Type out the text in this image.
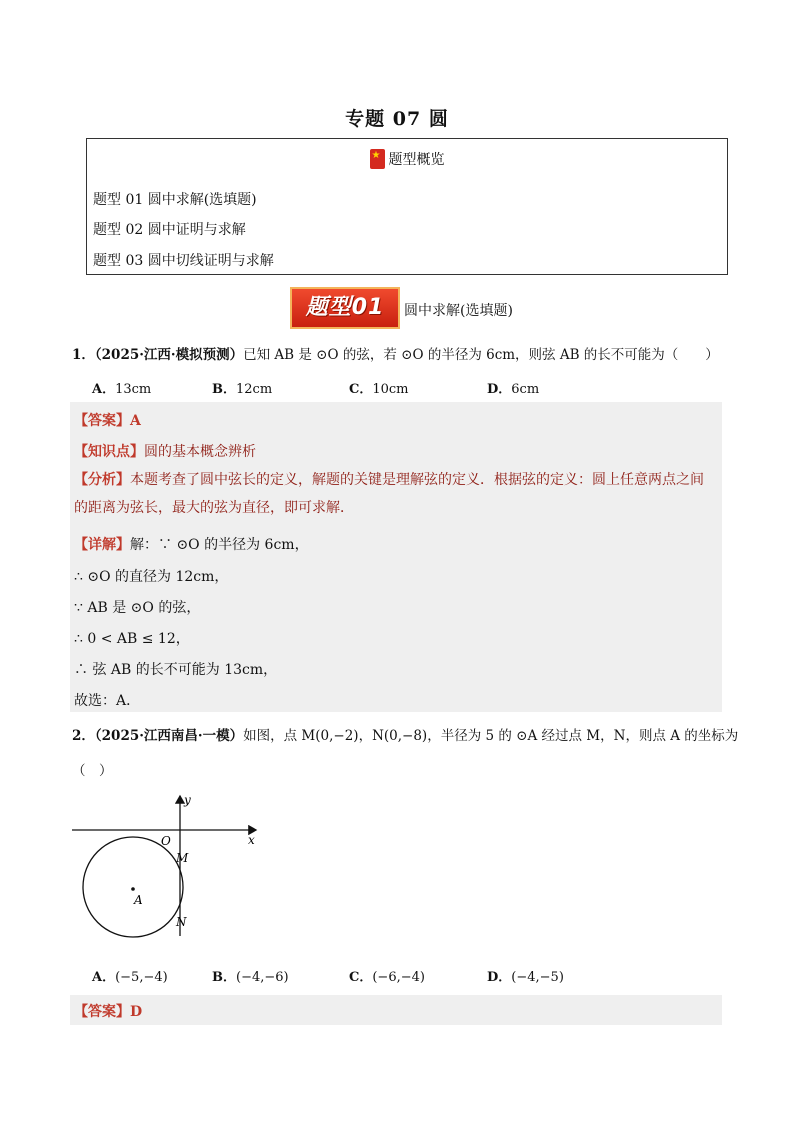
专题 07 圆
★题型概览
题型 01 圆中求解(选填题)
题型 02 圆中证明与求解
题型 03 圆中切线证明与求解
题型01	圆中求解(选填题)
1．（2025·江西·模拟预测）已知 AB 是 ⊙O 的弦，若 ⊙O 的半径为 6cm，则弦 AB 的长不可能为（　　）
A．13cm	B．12cm	C．10cm	D．6cm
【答案】A
【知识点】圆的基本概念辨析
【分析】本题考查了圆中弦长的定义，解题的关键是理解弦的定义．根据弦的定义：圆上任意两点之间的距离为弦长，最大的弦为直径，即可求解．
【详解】解：∵ ⊙O 的半径为 6cm，
∴ ⊙O 的直径为 12cm，
∵ AB 是 ⊙O 的弦，
∴ 0 < AB ≤ 12，
∴ 弦 AB 的长不可能为 13cm，
故选：A．
2．（2025·江西南昌·一模）如图，点 M(0,−2)，N(0,−8)，半径为 5 的 ⊙A 经过点 M，N，则点 A 的坐标为
（　）
x
y
O
M
N
A
A．(−5,−4)	B．(−4,−6)	C．(−6,−4)	D．(−4,−5)
【答案】D
